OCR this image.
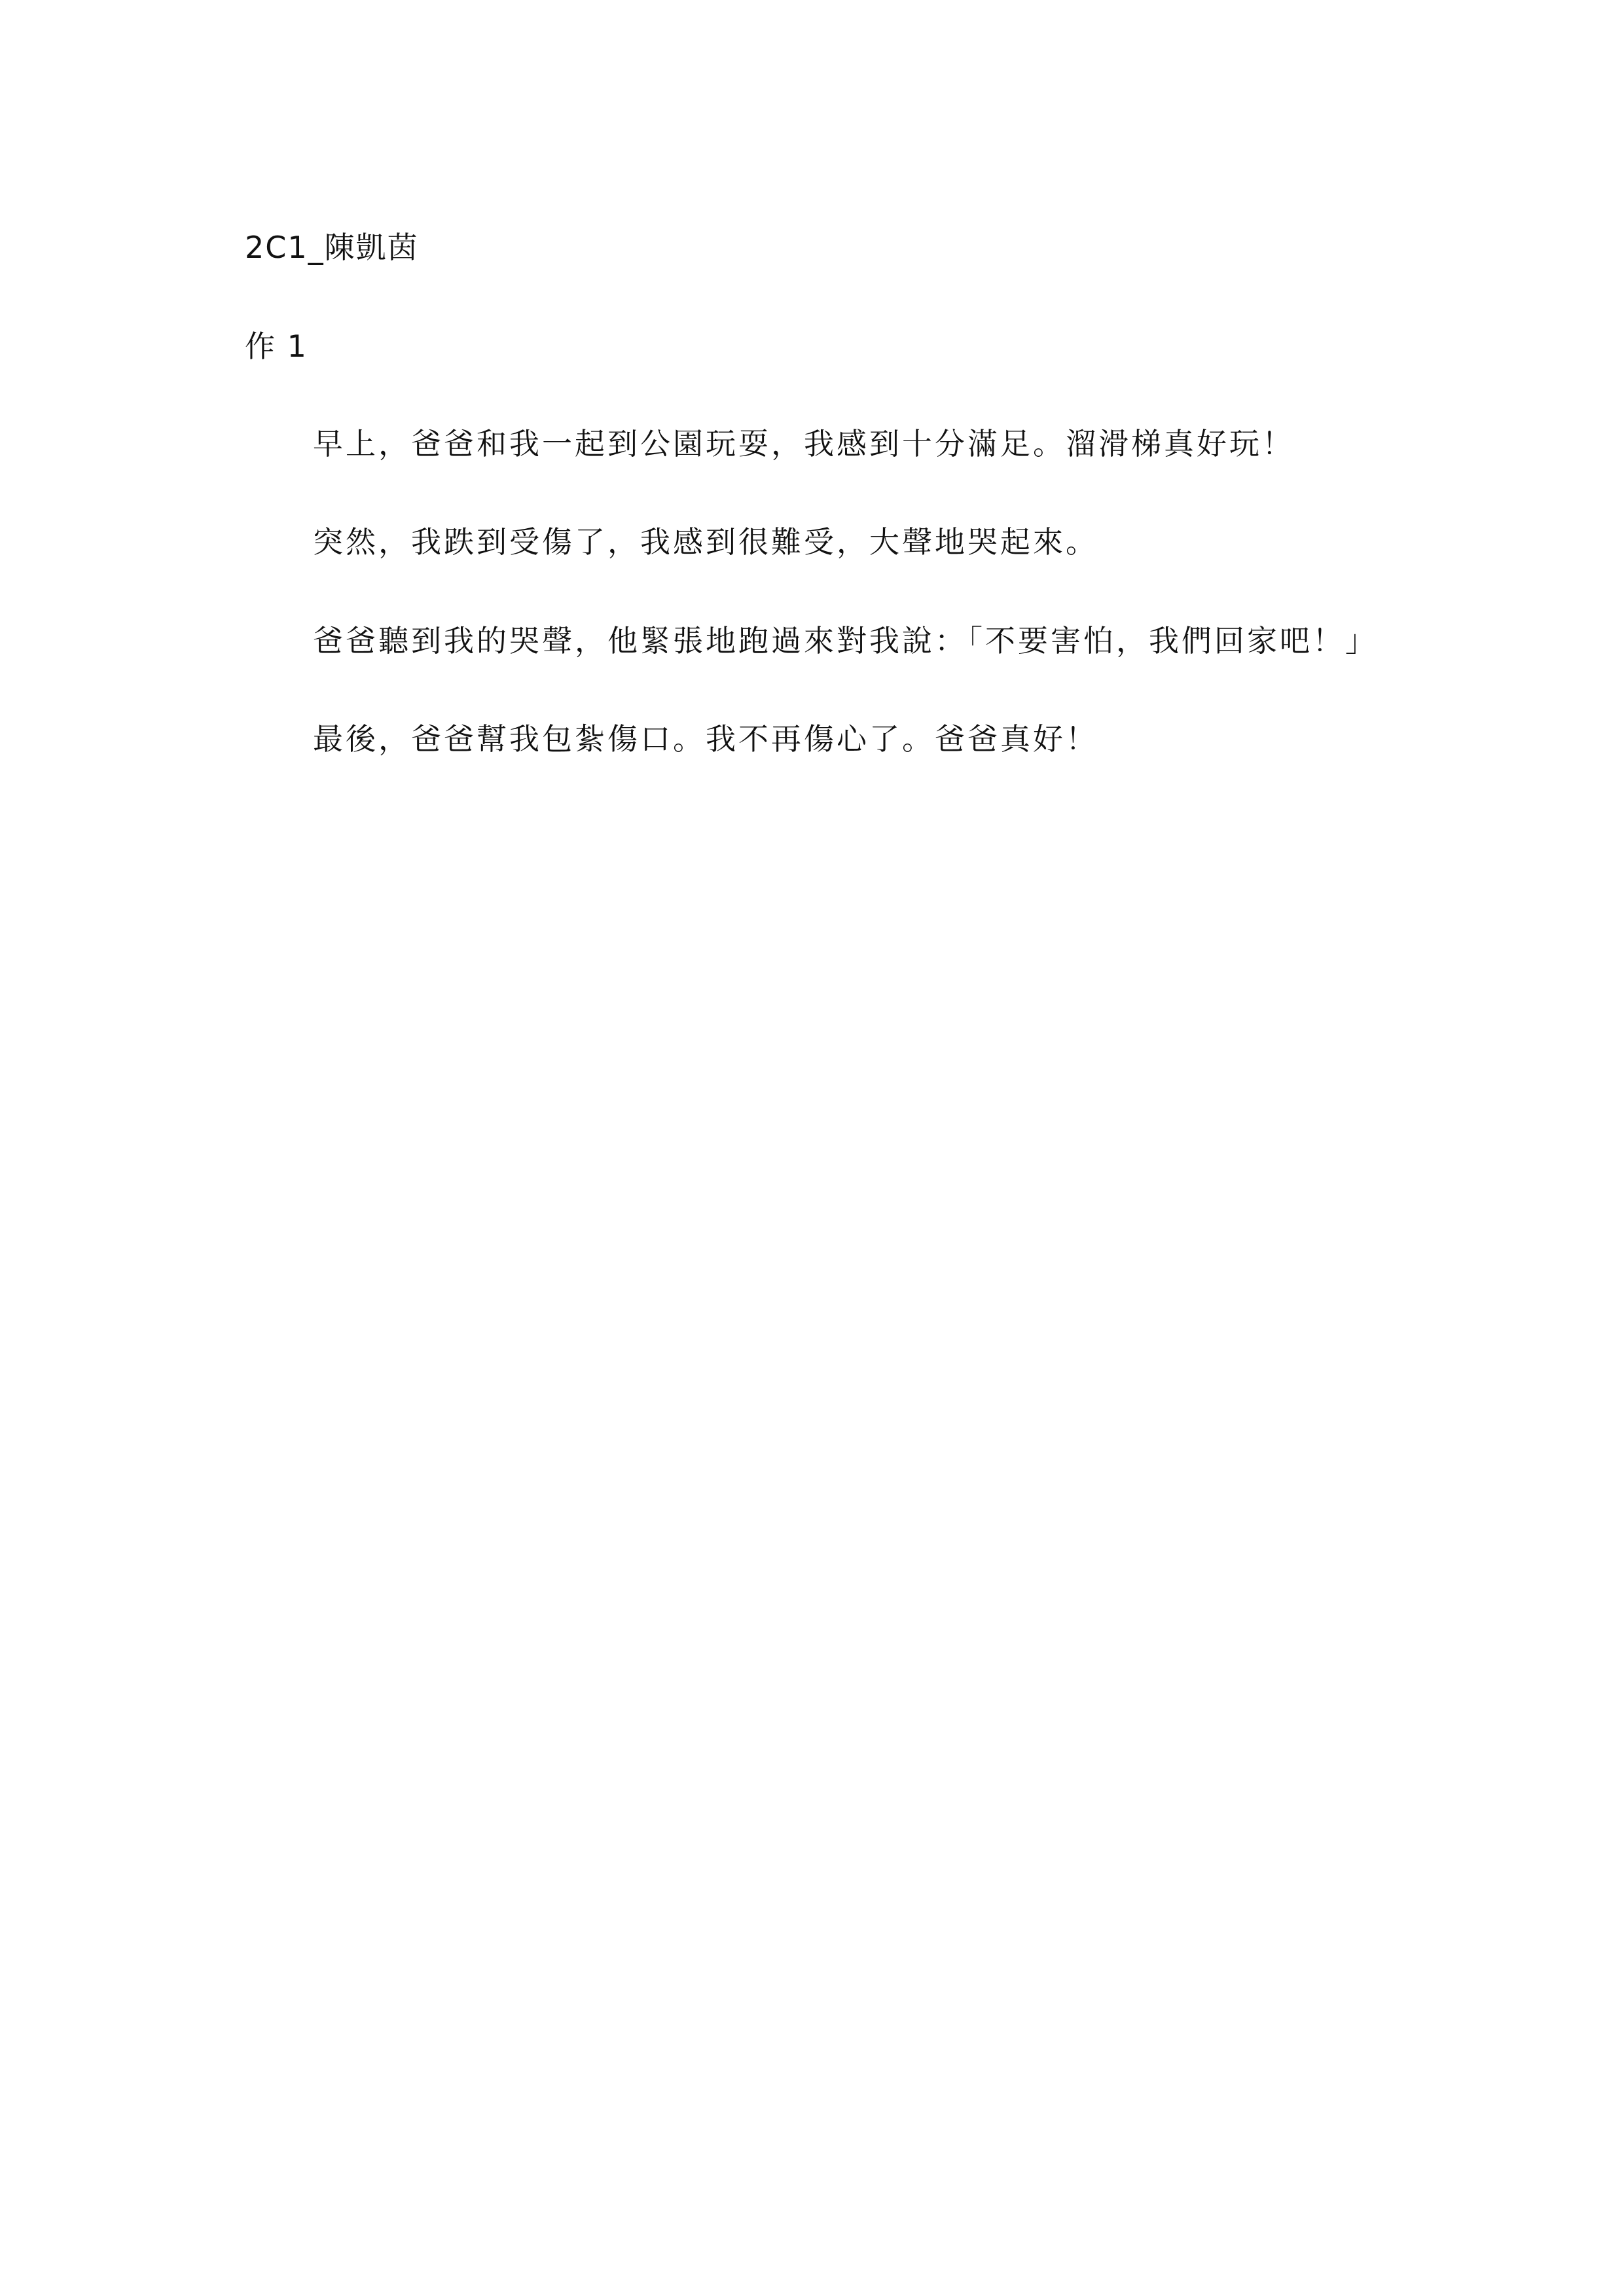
2C1_陳凱茵
作 1
早上，爸爸和我一起到公園玩耍，我感到十分滿足。溜滑梯真好玩！
突然，我跌到受傷了，我感到很難受，大聲地哭起來。
爸爸聽到我的哭聲，他緊張地跑過來對我說：「不要害怕，我們回家吧！」
最後，爸爸幫我包紮傷口。我不再傷心了。爸爸真好！
